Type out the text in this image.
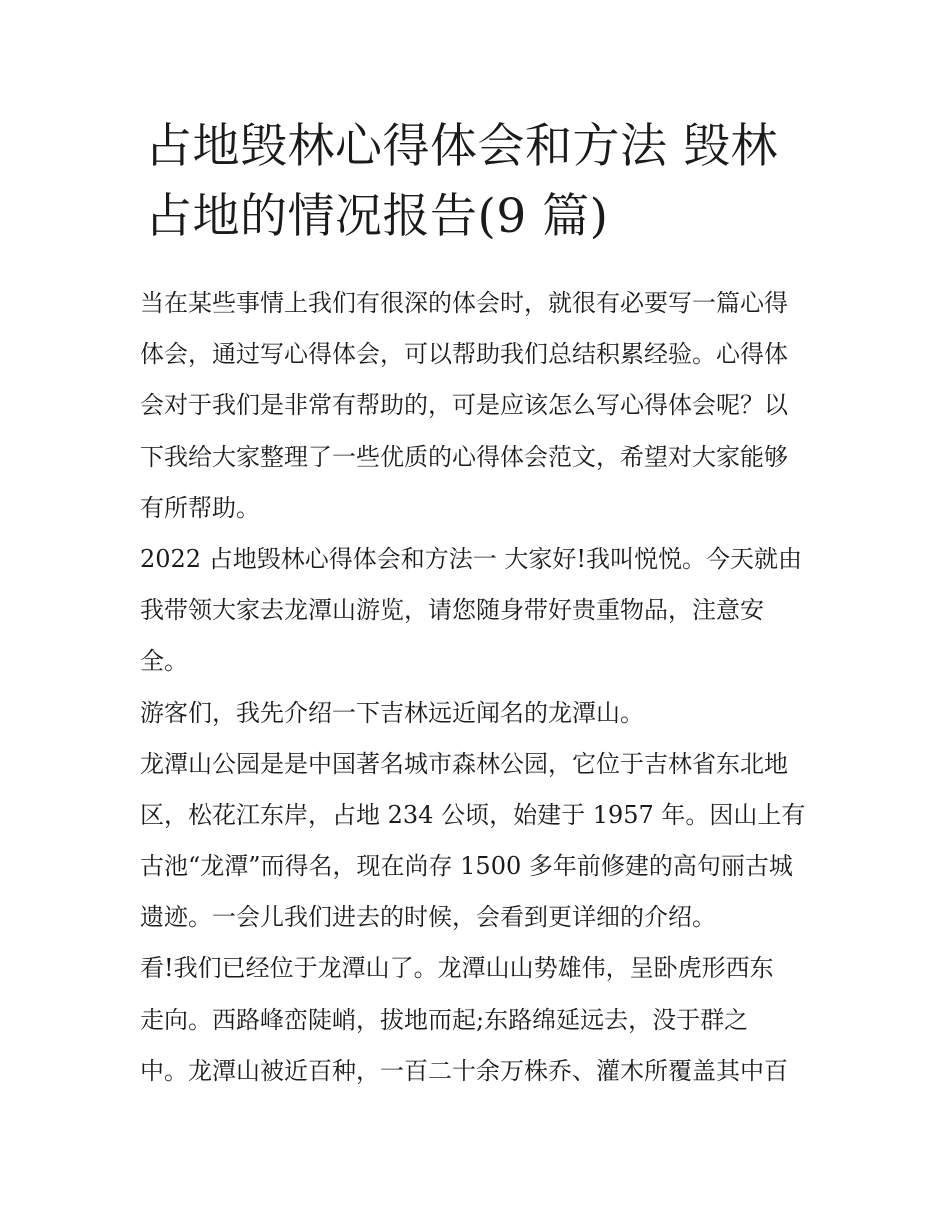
占地毁林心得体会和方法 毁林
占地的情况报告(9 篇)
当在某些事情上我们有很深的体会时，就很有必要写一篇心得
体会，通过写心得体会，可以帮助我们总结积累经验。心得体
会对于我们是非常有帮助的，可是应该怎么写心得体会呢？以
下我给大家整理了一些优质的心得体会范文，希望对大家能够
有所帮助。
2022 占地毁林心得体会和方法一 大家好!我叫悦悦。今天就由
我带领大家去龙潭山游览，请您随身带好贵重物品，注意安
全。
游客们，我先介绍一下吉林远近闻名的龙潭山。
龙潭山公园是是中国著名城市森林公园，它位于吉林省东北地
区，松花江东岸，占地 234 公顷，始建于 1957 年。因山上有
古池“龙潭”而得名，现在尚存 1500 多年前修建的高句丽古城
遗迹。一会儿我们进去的时候，会看到更详细的介绍。
看!我们已经位于龙潭山了。龙潭山山势雄伟，呈卧虎形西东
走向。西路峰峦陡峭，拔地而起;东路绵延远去，没于群之
中。龙潭山被近百种，一百二十余万株乔、灌木所覆盖其中百
